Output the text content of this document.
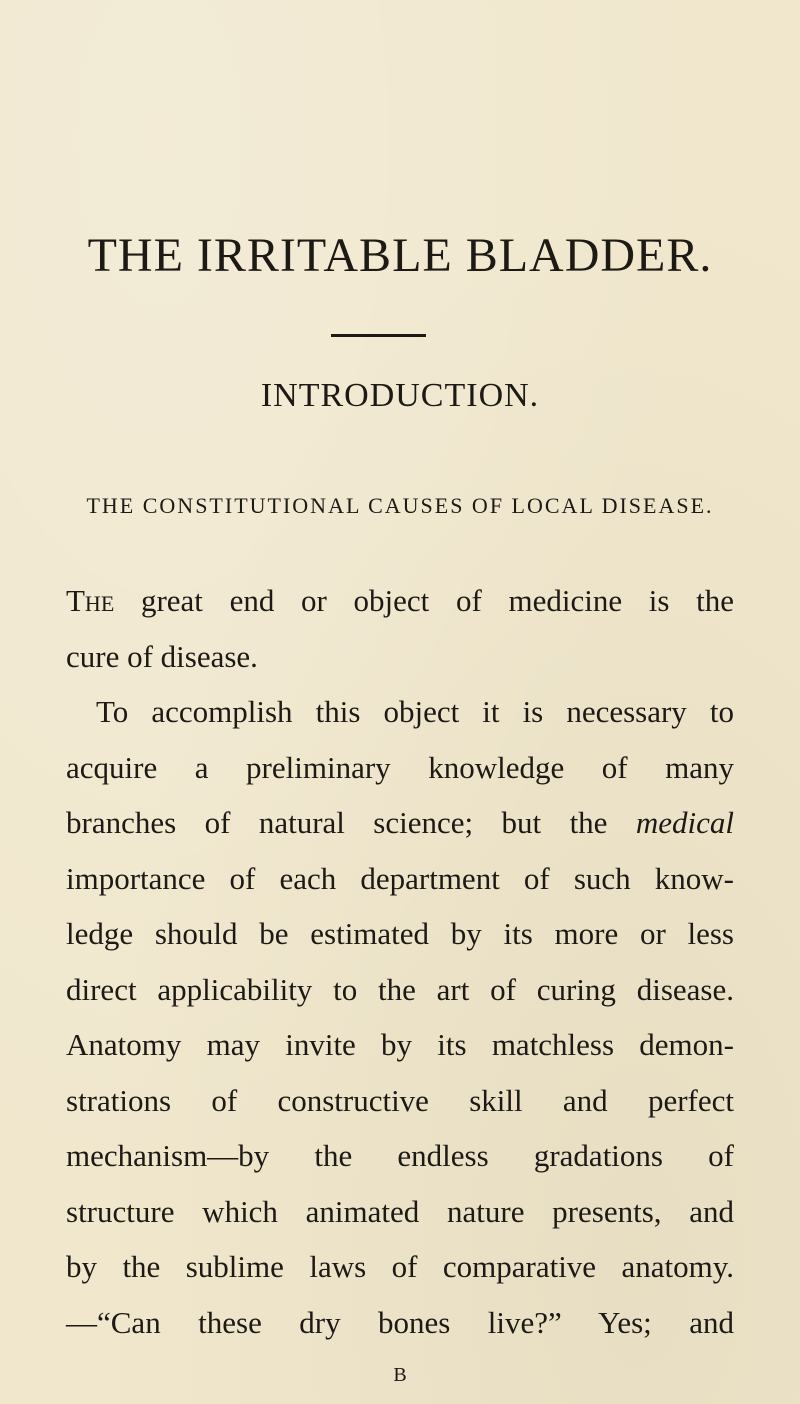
THE IRRITABLE BLADDER.
INTRODUCTION.
THE CONSTITUTIONAL CAUSES OF LOCAL DISEASE.
The great end or object of medicine is the
cure of disease.
To accomplish this object it is necessary to
acquire a preliminary knowledge of many
branches of natural science; but the medical
importance of each department of such know-
ledge should be estimated by its more or less
direct applicability to the art of curing disease.
Anatomy may invite by its matchless demon-
strations of constructive skill and perfect
mechanism—by the endless gradations of
structure which animated nature presents, and
by the sublime laws of comparative anatomy.
—“Can these dry bones live?” Yes; and
B
